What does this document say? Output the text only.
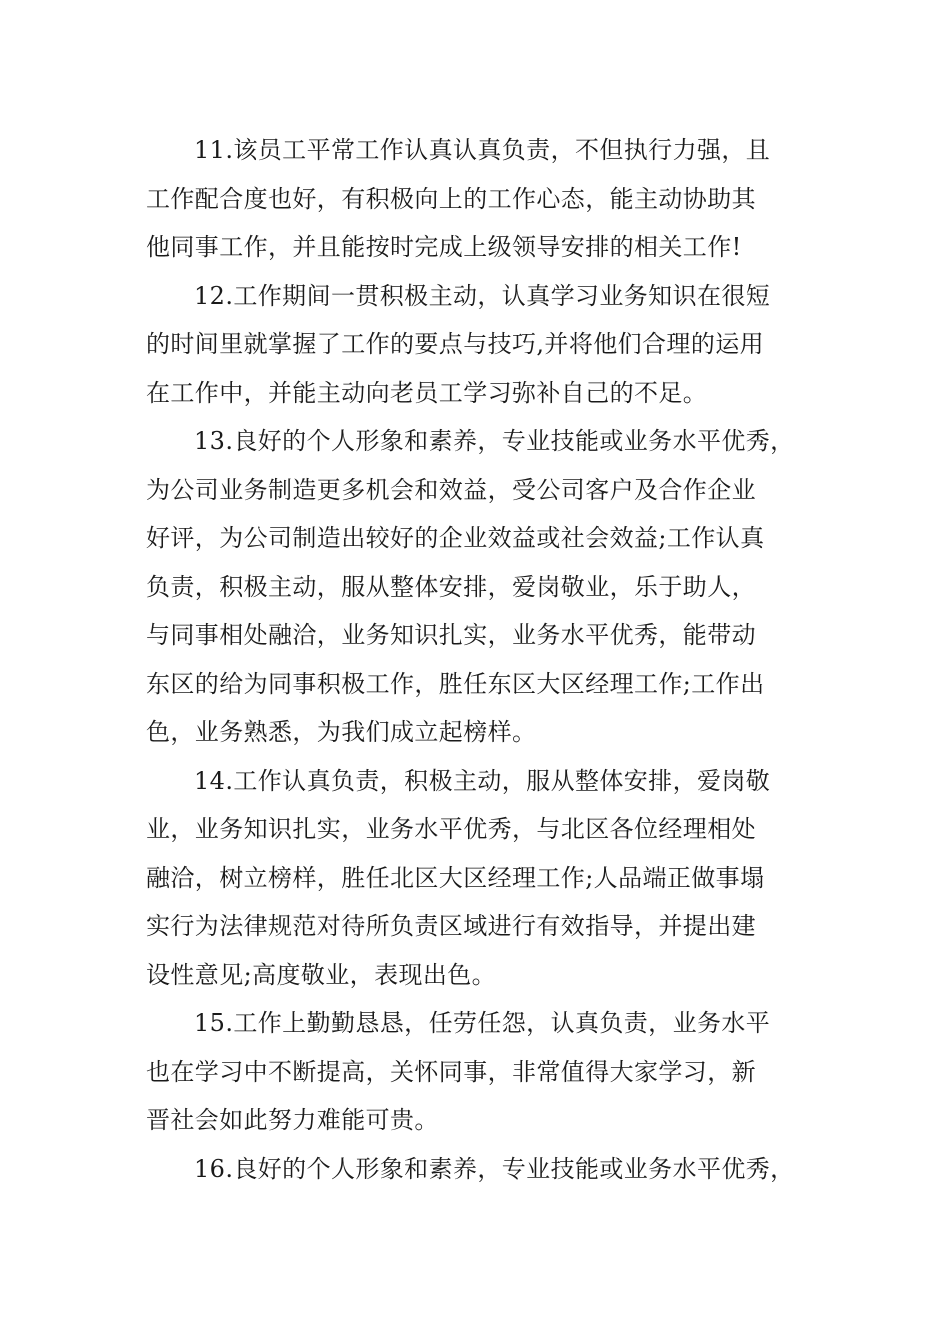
11.该员工平常工作认真认真负责，不但执行力强，且
工作配合度也好，有积极向上的工作心态，能主动协助其
他同事工作，并且能按时完成上级领导安排的相关工作!

12.工作期间一贯积极主动，认真学习业务知识在很短
的时间里就掌握了工作的要点与技巧,并将他们合理的运用
在工作中，并能主动向老员工学习弥补自己的不足。

13.良好的个人形象和素养，专业技能或业务水平优秀，
为公司业务制造更多机会和效益，受公司客户及合作企业
好评，为公司制造出较好的企业效益或社会效益;工作认真
负责，积极主动，服从整体安排，爱岗敬业，乐于助人，
与同事相处融洽，业务知识扎实，业务水平优秀，能带动
东区的给为同事积极工作，胜任东区大区经理工作;工作出
色，业务熟悉，为我们成立起榜样。

14.工作认真负责，积极主动，服从整体安排，爱岗敬
业，业务知识扎实，业务水平优秀，与北区各位经理相处
融洽，树立榜样，胜任北区大区经理工作;人品端正做事塌
实行为法律规范对待所负责区域进行有效指导，并提出建
设性意见;高度敬业，表现出色。

15.工作上勤勤恳恳，任劳任怨，认真负责，业务水平
也在学习中不断提高，关怀同事，非常值得大家学习，新
晋社会如此努力难能可贵。

16.良好的个人形象和素养，专业技能或业务水平优秀，
